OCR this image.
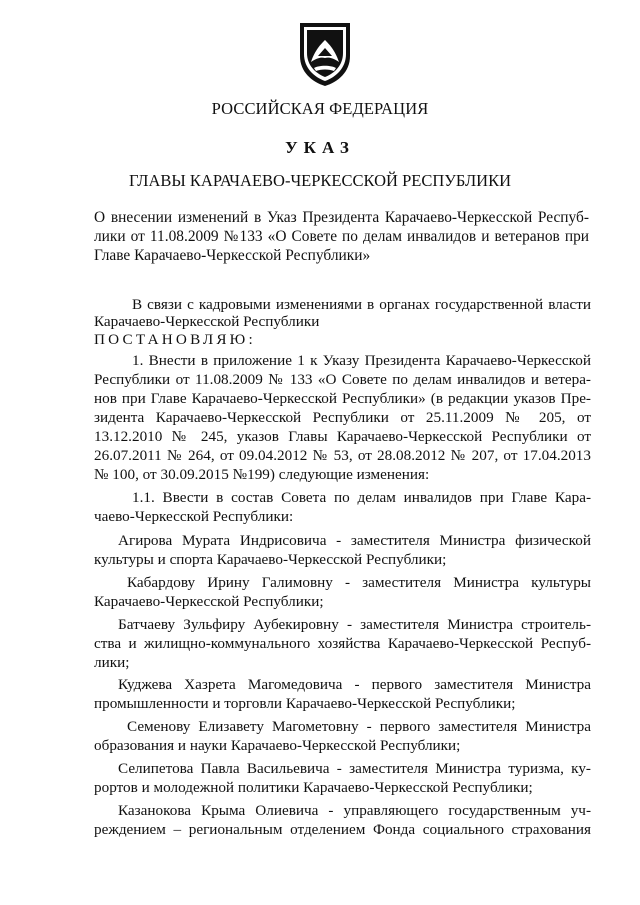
РОССИЙСКАЯ ФЕДЕРАЦИЯ
УКАЗ
ГЛАВЫ КАРАЧАЕВО-ЧЕРКЕССКОЙ РЕСПУБЛИКИ
О внесении изменений в Указ Президента Карачаево-Черкесской Респуб-
лики от 11.08.2009 №133 «О Совете по делам инвалидов и ветеранов при
Главе Карачаево-Черкесской Республики»
В связи с кадровыми изменениями в органах государственной власти
Карачаево-Черкесской Республики
ПОСТАНОВЛЯЮ:
1. Внести в приложение 1 к Указу Президента Карачаево-Черкесской
Республики от 11.08.2009 № 133 «О Совете по делам инвалидов и ветера-
нов при Главе Карачаево-Черкесской Республики» (в редакции указов Пре-
зидента Карачаево-Черкесской Республики от 25.11.2009 № 205, от
13.12.2010 № 245, указов Главы Карачаево-Черкесской Республики от
26.07.2011 № 264, от 09.04.2012 № 53, от 28.08.2012 № 207, от 17.04.2013
№ 100, от 30.09.2015 №199) следующие изменения:
1.1. Ввести в состав Совета по делам инвалидов при Главе Кара-
чаево-Черкесской Республики:
Агирова Мурата Индрисовича - заместителя Министра физической
культуры и спорта Карачаево-Черкесской Республики;
Кабардову Ирину Галимовну - заместителя Министра культуры
Карачаево-Черкесской Республики;
Батчаеву Зульфиру Аубекировну - заместителя Министра строитель-
ства и жилищно-коммунального хозяйства Карачаево-Черкесской Респуб-
лики;
Куджева Хазрета Магомедовича - первого заместителя Министра
промышленности и торговли Карачаево-Черкесской Республики;
Семенову Елизавету Магометовну - первого заместителя Министра
образования и науки Карачаево-Черкесской Республики;
Селипетова Павла Васильевича - заместителя Министра туризма, ку-
рортов и молодежной политики Карачаево-Черкесской Республики;
Казанокова Крыма Олиевича - управляющего государственным уч-
реждением – региональным отделением Фонда социального страхования
